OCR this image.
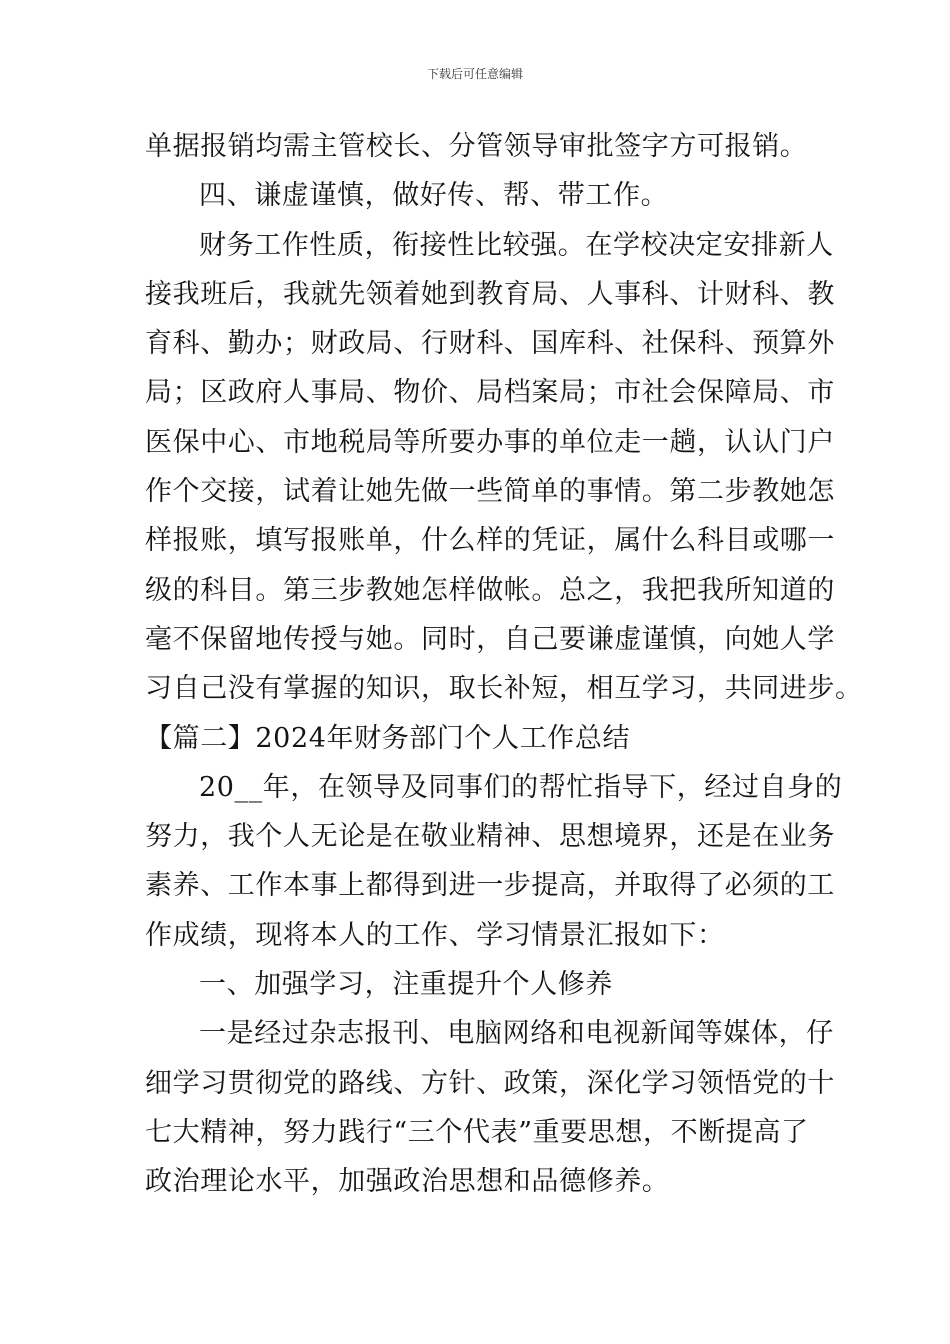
下载后可任意编辑
单据报销均需主管校长、分管领导审批签字方可报销。
四、谦虚谨慎，做好传、帮、带工作。
财务工作性质，衔接性比较强。在学校决定安排新人
接我班后，我就先领着她到教育局、人事科、计财科、教
育科、勤办；财政局、行财科、国库科、社保科、预算外
局；区政府人事局、物价、局档案局；市社会保障局、市
医保中心、市地税局等所要办事的单位走一趟，认认门户
作个交接，试着让她先做一些简单的事情。第二步教她怎
样报账，填写报账单，什么样的凭证，属什么科目或哪一
级的科目。第三步教她怎样做帐。总之，我把我所知道的
毫不保留地传授与她。同时，自己要谦虚谨慎，向她人学
习自己没有掌握的知识，取长补短，相互学习，共同进步。
【篇二】2024年财务部门个人工作总结
20__年，在领导及同事们的帮忙指导下，经过自身的
努力，我个人无论是在敬业精神、思想境界，还是在业务
素养、工作本事上都得到进一步提高，并取得了必须的工
作成绩，现将本人的工作、学习情景汇报如下：
一、加强学习，注重提升个人修养
一是经过杂志报刊、电脑网络和电视新闻等媒体，仔
细学习贯彻党的路线、方针、政策，深化学习领悟党的十
七大精神，努力践行“三个代表”重要思想，不断提高了
政治理论水平，加强政治思想和品德修养。
